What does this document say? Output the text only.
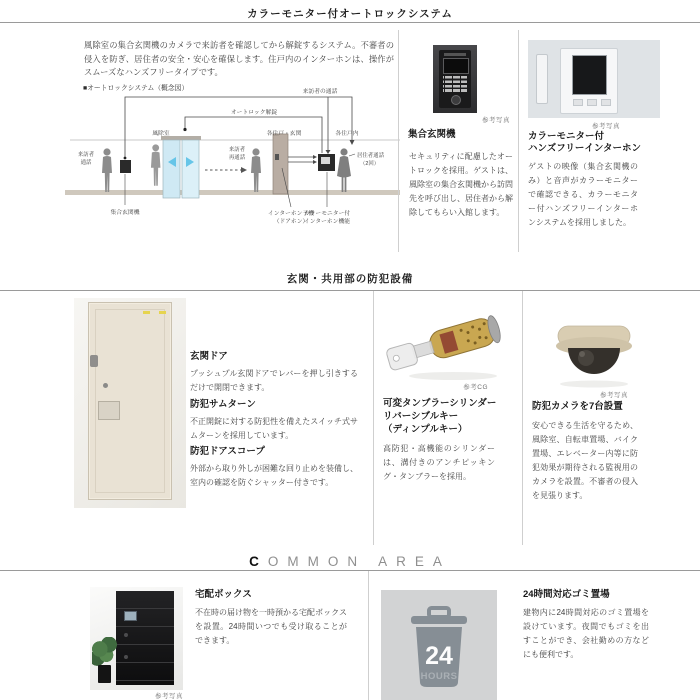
カラーモニター付オートロックシステム
風除室の集合玄関機のカメラで来訪者を確認してから解錠するシステム。不審者の侵入を防ぎ、居住者の安全・安心を確保します。住戸内のインターホンは、操作がスムーズなハンズフリータイプです。
■オートロックシステム（概念図）	来訪者の通話
オートロック解錠
風除室	各住戸・玄関	各住戸内
来訪者
通話
来訪者
再通話
集合玄関機	インターホン子機
（ドアホン）
カラーモニター付
インターホン機能
居住者通話
（2回）
参考写真
集合玄関機
セキュリティに配慮したオートロックを採用。ゲストは、風除室の集合玄関機から訪問先を呼び出し、居住者から解除してもらい入館します。
参考写真
カラーモニター付
ハンズフリーインターホン
ゲストの映像（集合玄関機のみ）と音声がカラーモニターで確認できる、カラーモニター付ハンズフリーインターホンシステムを採用しました。
玄関・共用部の防犯設備
玄関ドア
プッシュプル玄関ドアでレバーを押し引きするだけで開閉できます。
防犯サムターン
不正開錠に対する防犯性を備えたスイッチ式サムターンを採用しています。
防犯ドアスコープ
外部から取り外しが困難な回り止めを装備し、室内の確認を防ぐシャッター付きです。
参考CG
可変タンブラーシリンダー
リバーシブルキー
（ディンプルキー）
高防犯・高機能のシリンダーは、溝付きのアンチピッキング・タンブラーを採用。
参考写真
防犯カメラを7台設置
安心できる生活を守るため、風除室、自転車置場、バイク置場、エレベーター内等に防犯効果が期待される監視用のカメラを設置。不審者の侵入を見張ります。
COMMON AREA
参考写真
宅配ボックス
不在時の届け物を一時預かる宅配ボックスを設置。24時間いつでも受け取ることができます。
24
HOURS
24時間対応ゴミ置場
建物内に24時間対応のゴミ置場を設けています。夜間でもゴミを出すことができ、会社勤めの方などにも便利です。
